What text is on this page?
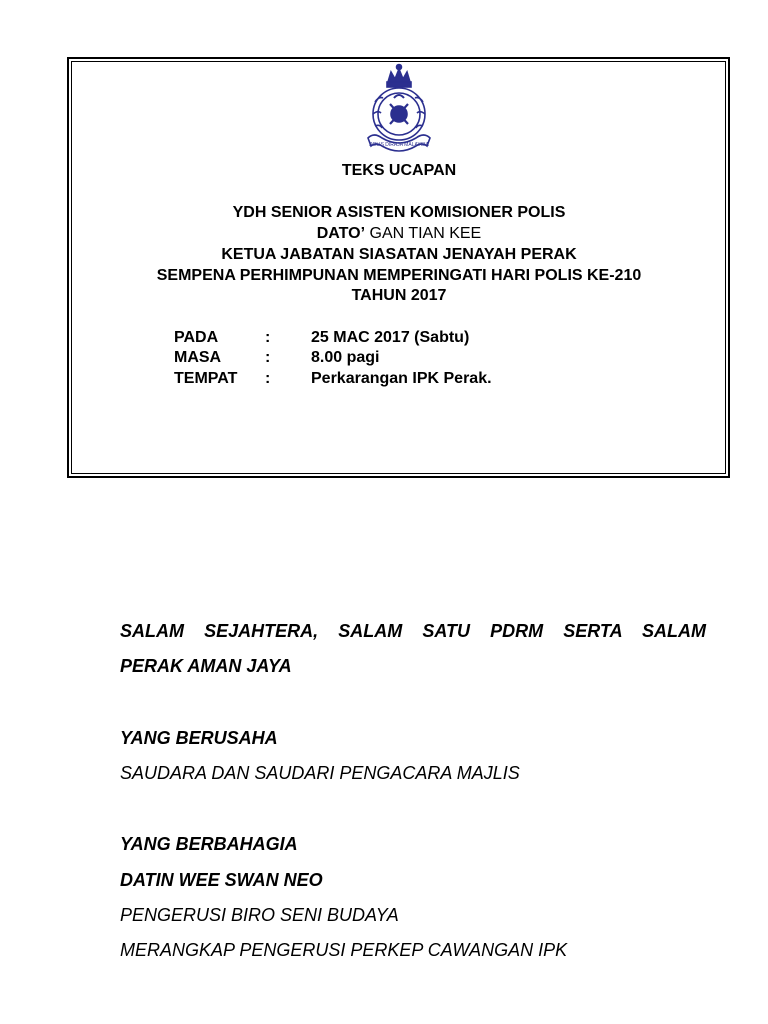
POLIS DIRAJA MALAYSIA
TEKS UCAPAN
YDH SENIOR ASISTEN KOMISIONER POLIS
DATO’ GAN TIAN KEE
KETUA JABATAN SIASATAN JENAYAH PERAK
SEMPENA PERHIMPUNAN MEMPERINGATI HARI POLIS KE-210
TAHUN 2017
PADA	:	25 MAC 2017 (Sabtu)
MASA	:	8.00 pagi
TEMPAT :	Perkarangan IPK Perak.
SALAM SEJAHTERA, SALAM SATU PDRM SERTA SALAM
PERAK AMAN JAYA
YANG BERUSAHA
SAUDARA DAN SAUDARI PENGACARA MAJLIS
YANG BERBAHAGIA
DATIN WEE SWAN NEO
PENGERUSI BIRO SENI BUDAYA
MERANGKAP PENGERUSI PERKEP CAWANGAN IPK
